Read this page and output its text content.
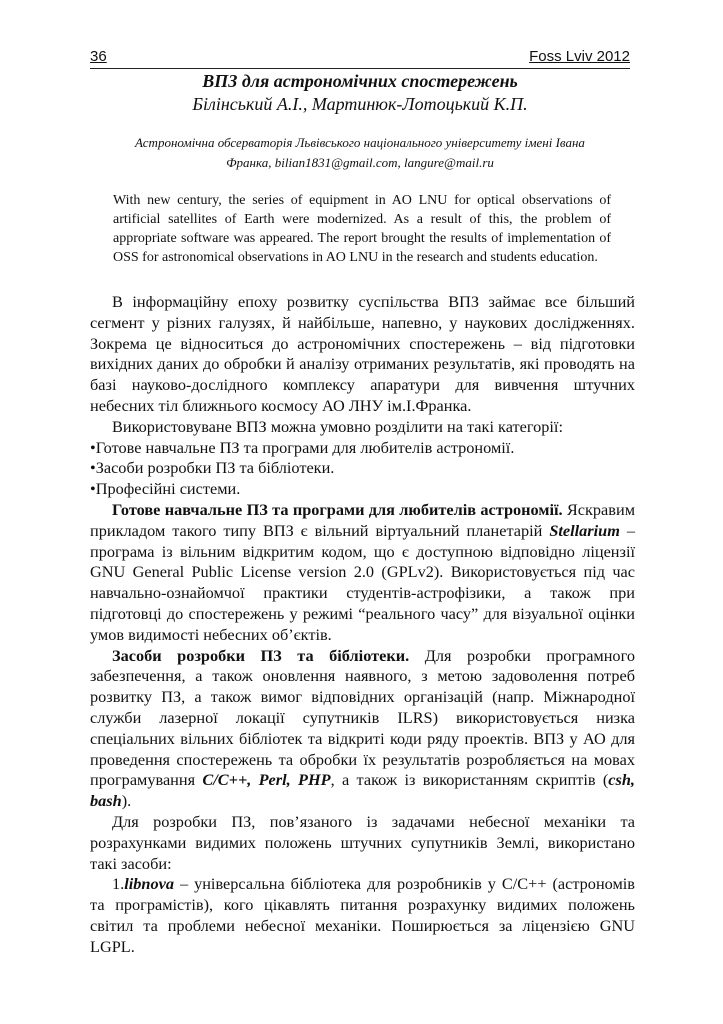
36	Foss Lviv 2012
ВПЗ для астрономічних спостережень
Білінський А.І., Мартинюк-Лотоцький К.П.
Астрономічна обсерваторія Львівського національного університету імені Івана
Франка, bilian1831@gmail.com, langure@mail.ru
With new century, the series of equipment in AO LNU for optical observations of artificial satellites of Earth were modernized. As a result of this, the problem of appropriate software was appeared. The report brought the results of implementation of OSS for astronomical observations in AO LNU in the research and students education.

В інформаційну епоху розвитку суспільства ВПЗ займає все більший сегмент у різних галузях, й найбільше, напевно, у наукових дослідженнях. Зокрема це відноситься до астрономічних спостережень – від підготовки вихідних даних до обробки й аналізу отриманих результатів, які проводять на базі науково-дослідного комплексу апаратури для вивчення штучних небесних тіл ближнього космосу АО ЛНУ ім.І.Франка.

Використовуване ВПЗ можна умовно розділити на такі категорії:

•Готове навчальне ПЗ та програми для любителів астрономії.

•Засоби розробки ПЗ та бібліотеки.

•Професійні системи.

Готове навчальне ПЗ та програми для любителів астрономії. Яскравим прикладом такого типу ВПЗ є вільний віртуальний планетарій Stellarium – програма із вільним відкритим кодом, що є доступною відповідно ліцензії GNU General Public License version 2.0 (GPLv2). Використовується під час навчально-ознайомчої практики студентів-астрофізики, а також при підготовці до спостережень у режимі “реального часу” для візуальної оцінки умов видимості небесних об’єктів.

Засоби розробки ПЗ та бібліотеки. Для розробки програмного забезпечення, а також оновлення наявного, з метою задоволення потреб розвитку ПЗ, а також вимог відповідних організацій (напр. Міжнародної служби лазерної локації супутників ILRS) використовується низка спеціальних вільних бібліотек та відкриті коди ряду проектів. ВПЗ у АО для проведення спостережень та обробки їх результатів розробляється на мовах програмування C/C++, Perl, PHP, а також із використанням скриптів (csh, bash).

Для розробки ПЗ, пов’язаного із задачами небесної механіки та розрахунками видимих положень штучних супутників Землі, використано такі засоби:

1.libnova – універсальна бібліотека для розробників у C/C++ (астрономів та програмістів), кого цікавлять питання розрахунку видимих положень світил та проблеми небесної механіки. Поширюється за ліцензією GNU LGPL.
